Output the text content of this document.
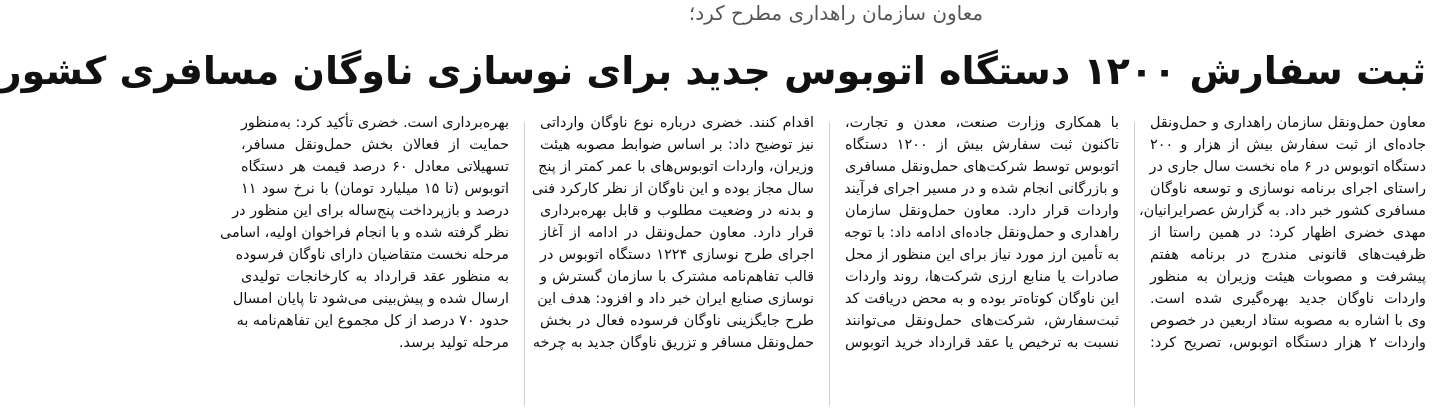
معاون سازمان راهداری مطرح کرد؛
ثبت سفارش ۱۲۰۰ دستگاه اتوبوس جدید برای نوسازی ناوگان مسافری کشور
معاون حمل‌ونقل سازمان راهداری و حمل‌ونقل
جاده‌ای از ثبت سفارش بیش از هزار و ۲۰۰
دستگاه اتوبوس در ۶ ماه نخست سال جاری در
راستای اجرای برنامه نوسازی و توسعه ناوگان
مسافری کشور خبر داد. به گزارش عصرایرانیان،
مهدی خضری اظهار کرد: در همین راستا از
ظرفیت‌های قانونی مندرج در برنامه هفتم
پیشرفت و مصوبات هیئت وزیران به منظور
واردات ناوگان جدید بهره‌گیری شده است.
وی با اشاره به مصوبه ستاد اربعین در خصوص
واردات ۲ هزار دستگاه اتوبوس، تصریح کرد:
با همکاری وزارت صنعت، معدن و تجارت،
تاکنون ثبت سفارش بیش از ۱۲۰۰ دستگاه
اتوبوس توسط شرکت‌های حمل‌ونقل مسافری
و بازرگانی انجام شده و در مسیر اجرای فرآیند
واردات قرار دارد. معاون حمل‌ونقل سازمان
راهداری و حمل‌ونقل جاده‌ای ادامه داد: با توجه
به تأمین ارز مورد نیاز برای این منظور از محل
صادرات یا منابع ارزی شرکت‌ها، روند واردات
این ناوگان کوتاه‌تر بوده و به محض دریافت کد
ثبت‌سفارش، شرکت‌های حمل‌ونقل می‌توانند
نسبت به ترخیص یا عقد قرارداد خرید اتوبوس
اقدام کنند. خضری درباره نوع ناوگان وارداتی
نیز توضیح داد: بر اساس ضوابط مصوبه هیئت
وزیران، واردات اتوبوس‌های با عمر کمتر از پنج
سال مجاز بوده و این ناوگان از نظر کارکرد فنی
و بدنه در وضعیت مطلوب و قابل بهره‌برداری
قرار دارد. معاون حمل‌ونقل در ادامه از آغاز
اجرای طرح نوسازی ۱۲۲۴ دستگاه اتوبوس در
قالب تفاهم‌نامه مشترک با سازمان گسترش و
نوسازی صنایع ایران خبر داد و افزود: هدف این
طرح جایگزینی ناوگان فرسوده فعال در بخش
حمل‌ونقل مسافر و تزریق ناوگان جدید به چرخه
بهره‌برداری است. خضری تأکید کرد: به‌منظور
حمایت از فعالان بخش حمل‌ونقل مسافر،
تسهیلاتی معادل ۶۰ درصد قیمت هر دستگاه
اتوبوس (تا ۱۵ میلیارد تومان) با نرخ سود ۱۱
درصد و بازپرداخت پنج‌ساله برای این منظور در
نظر گرفته شده و با انجام فراخوان اولیه، اسامی
مرحله نخست متقاضیان دارای ناوگان فرسوده
به منظور عقد قرارداد به کارخانجات تولیدی
ارسال شده و پیش‌بینی می‌شود تا پایان امسال
حدود ۷۰ درصد از کل مجموع این تفاهم‌نامه به
مرحله تولید برسد.
